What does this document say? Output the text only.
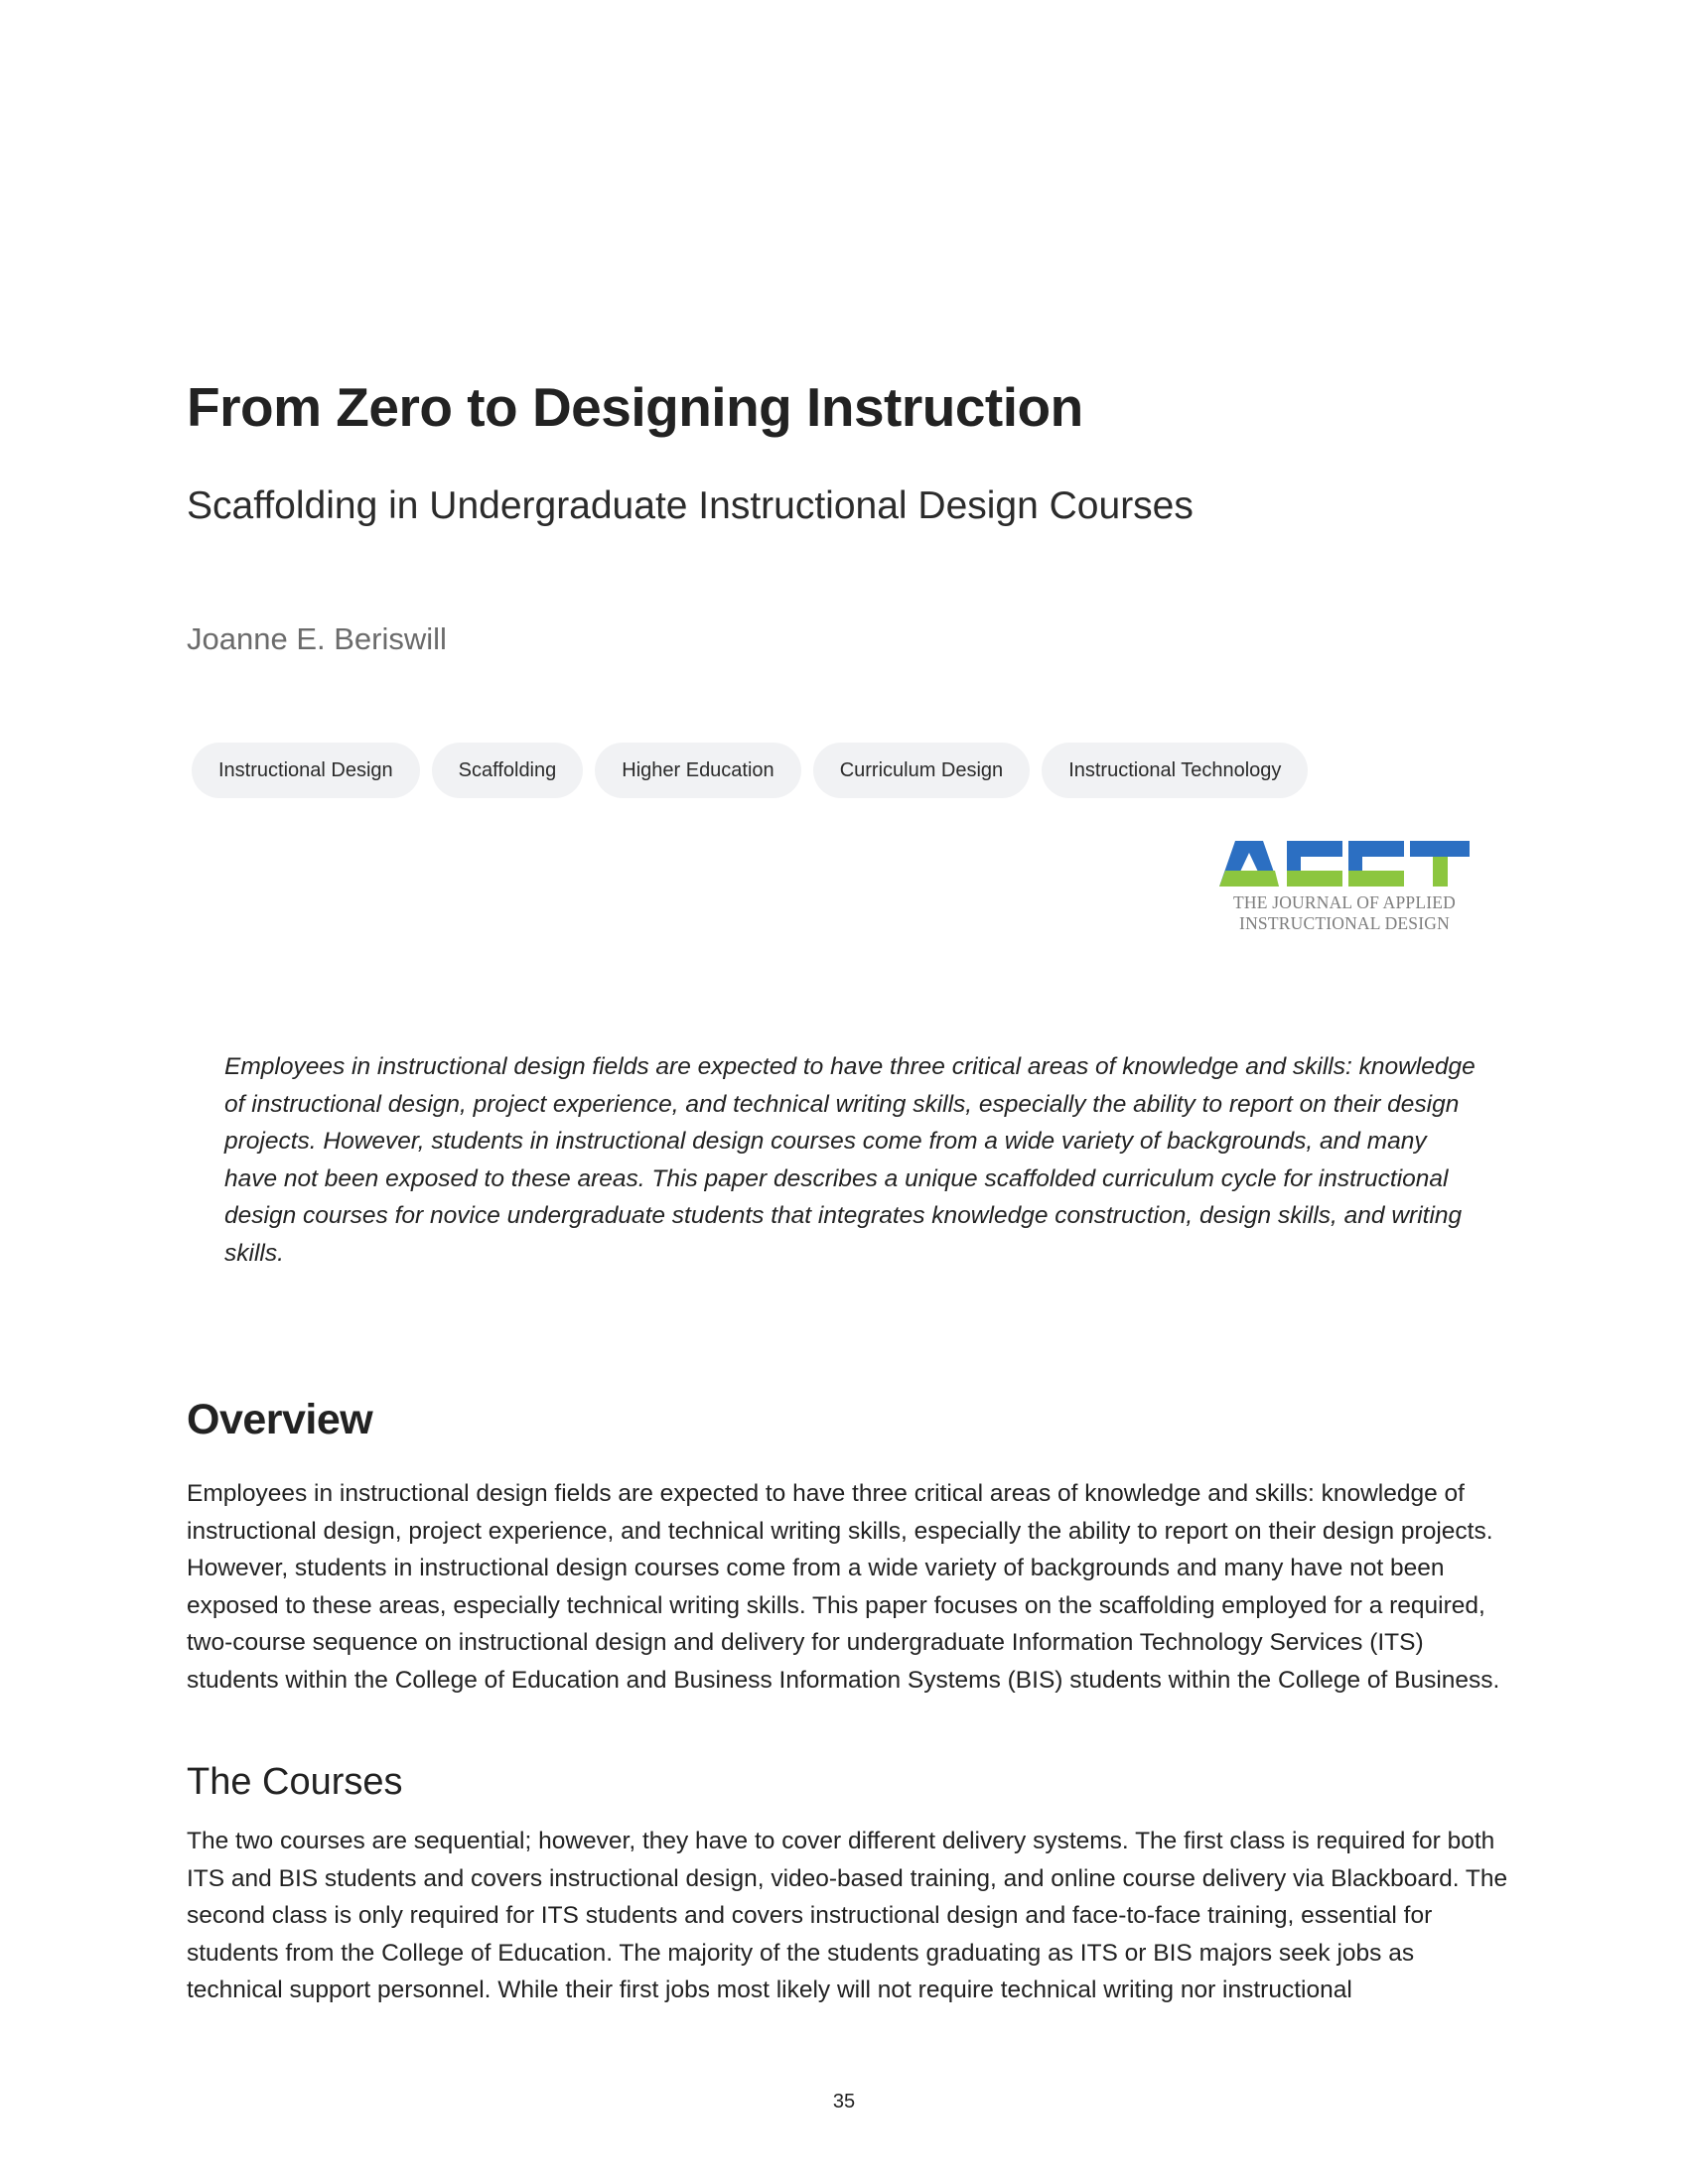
From Zero to Designing Instruction
Scaffolding in Undergraduate Instructional Design Courses
Joanne E. Beriswill
Instructional Design	Scaffolding	Higher Education	Curriculum Design	Instructional Technology
THE JOURNAL OF APPLIED
INSTRUCTIONAL DESIGN

Employees in instructional design fields are expected to have three critical areas of knowledge and skills: knowledge of instructional design, project experience, and technical writing skills, especially the ability to report on their design projects. However, students in instructional design courses come from a wide variety of backgrounds, and many have not been exposed to these areas. This paper describes a unique scaffolded curriculum cycle for instructional design courses for novice undergraduate students that integrates knowledge construction, design skills, and writing skills.

Overview

Employees in instructional design fields are expected to have three critical areas of knowledge and skills: knowledge of instructional design, project experience, and technical writing skills, especially the ability to report on their design projects. However, students in instructional design courses come from a wide variety of backgrounds and many have not been exposed to these areas, especially technical writing skills. This paper focuses on the scaffolding employed for a required, two-course sequence on instructional design and delivery for undergraduate Information Technology Services (ITS) students within the College of Education and Business Information Systems (BIS) students within the College of Business.

The Courses

The two courses are sequential; however, they have to cover different delivery systems. The first class is required for both ITS and BIS students and covers instructional design, video-based training, and online course delivery via Blackboard. The second class is only required for ITS students and covers instructional design and face-to-face training, essential for students from the College of Education. The majority of the students graduating as ITS or BIS majors seek jobs as technical support personnel. While their first jobs most likely will not require technical writing nor instructional

35
